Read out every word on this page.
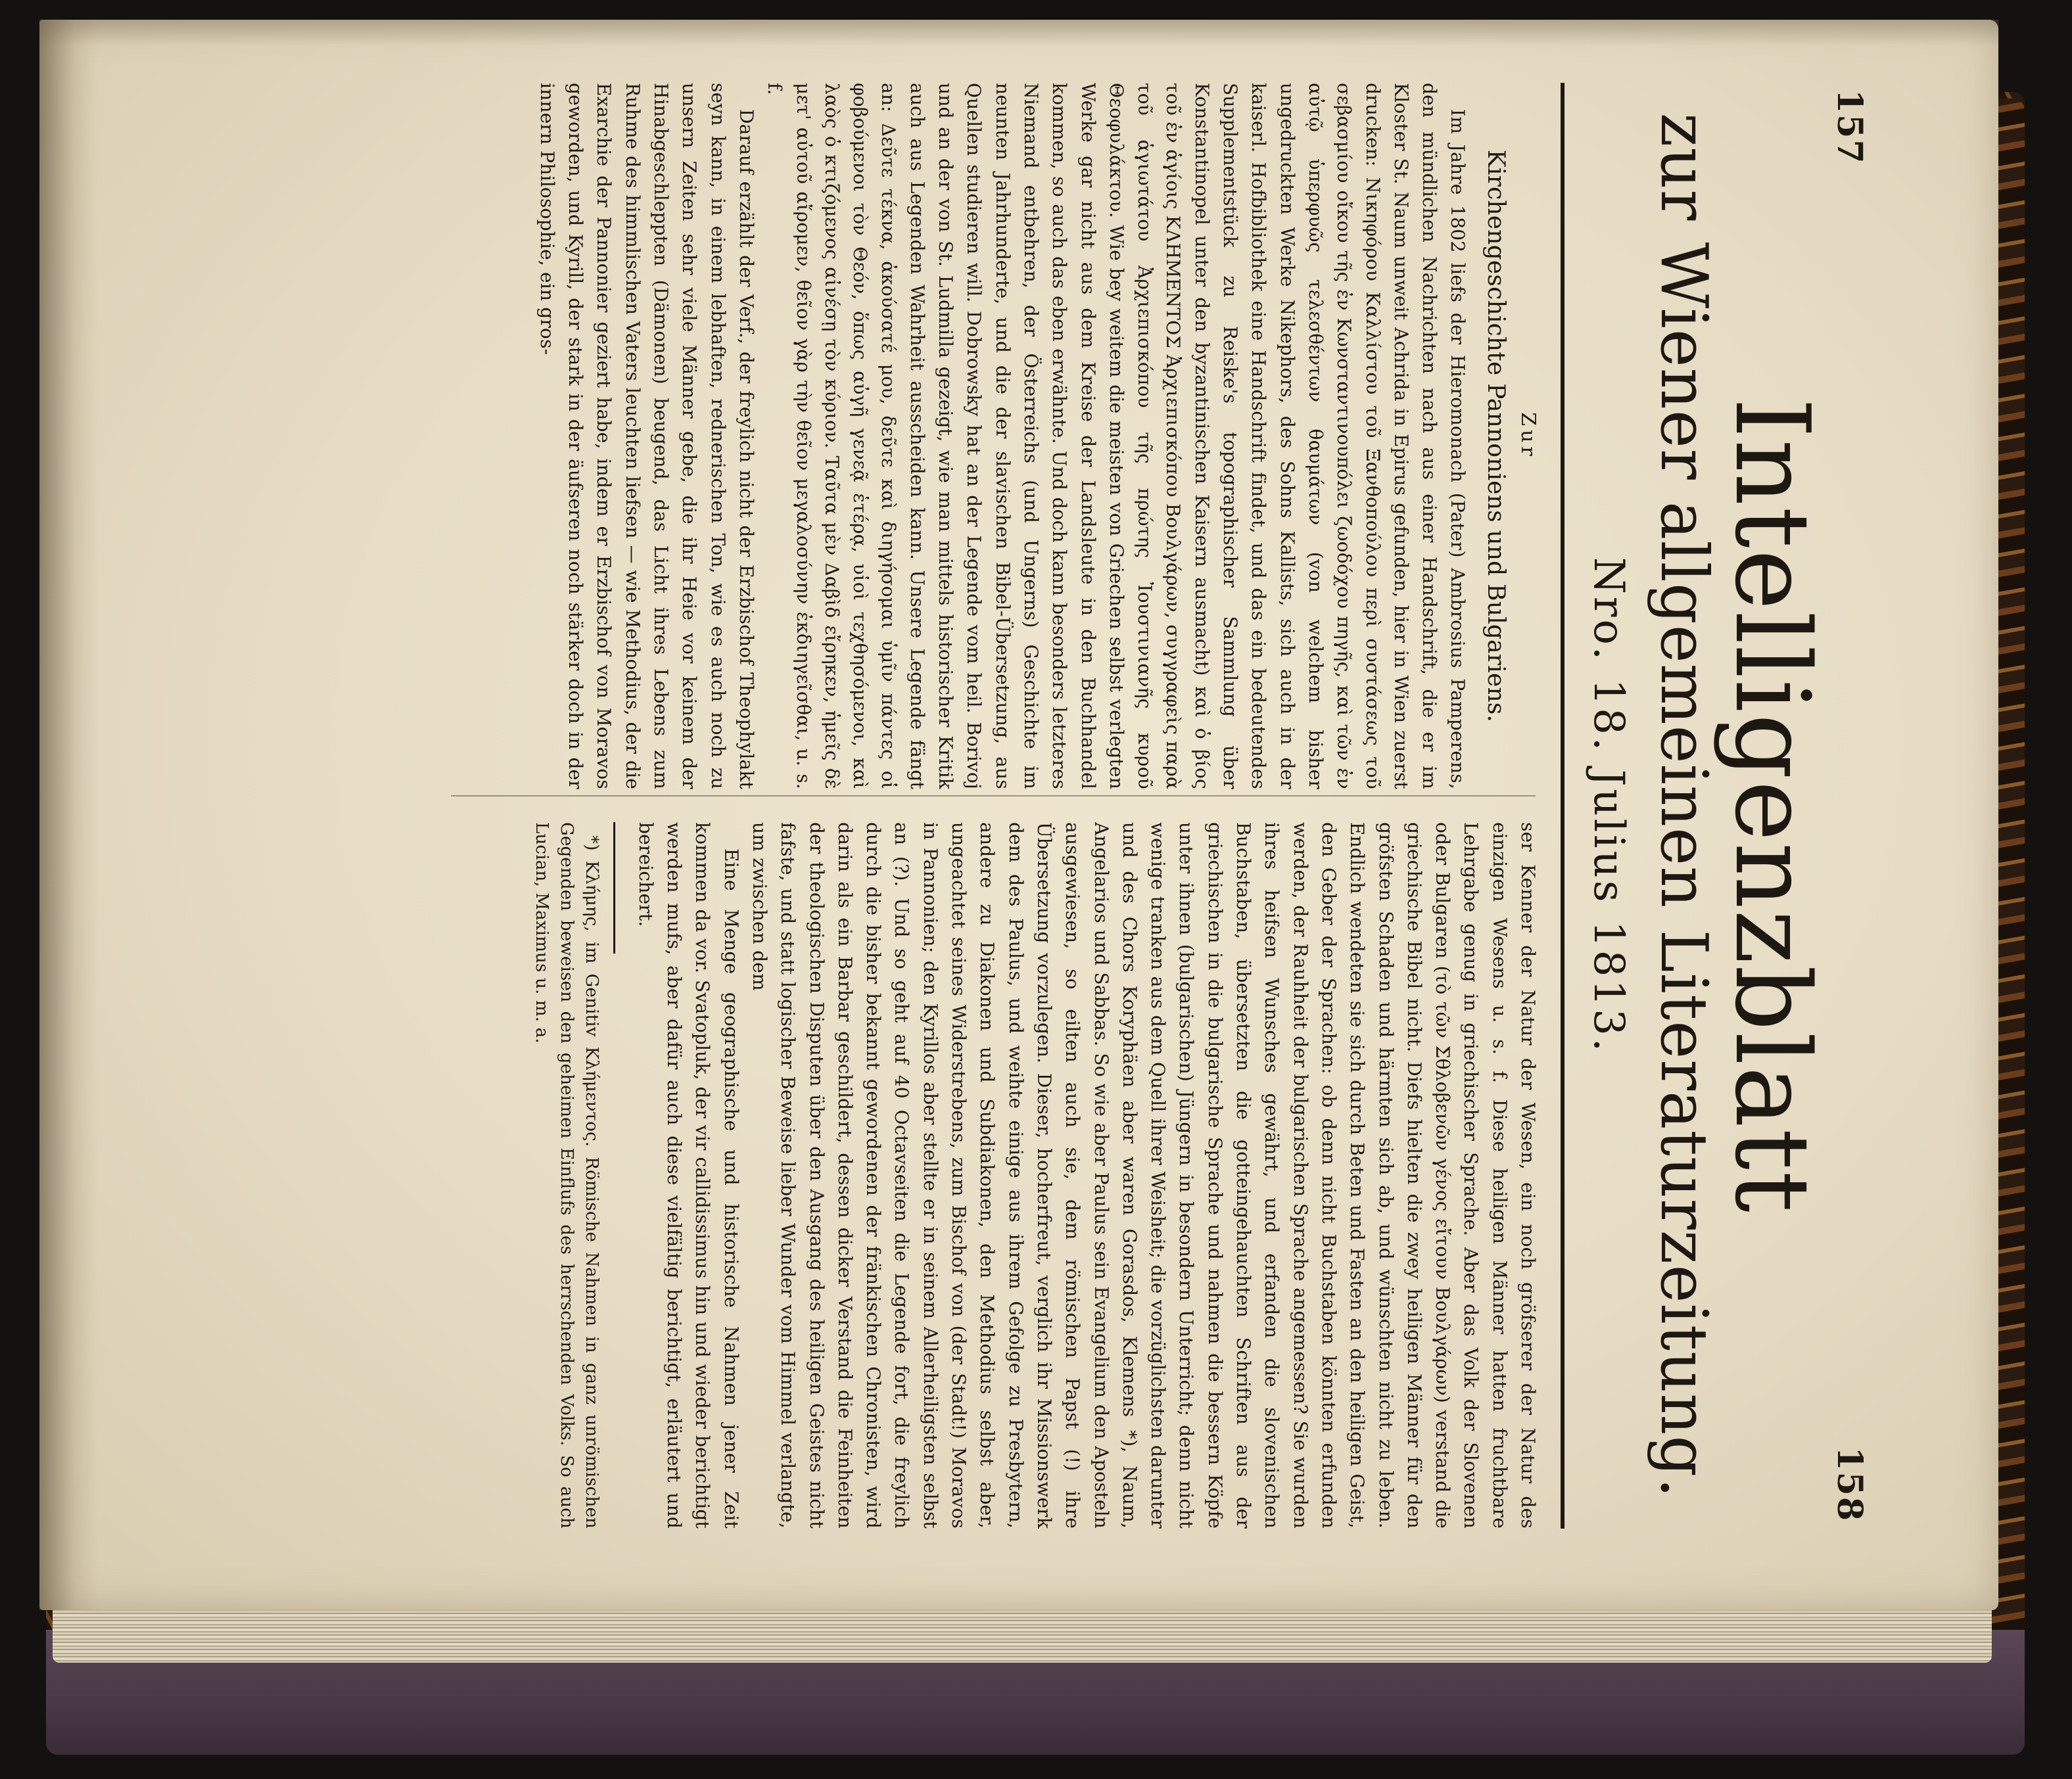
157
158
Intelligenzblatt
zur Wiener allgemeinen Literaturzeitung.
Nro. 18. Julius 1813.
Zur
Kirchengeschichte Pannoniens und Bulgariens.

Im Jahre 1802 liefs der Hieromonach (Pater) Ambrosius Pamperens, den mündlichen Nachrichten nach aus einer Handschrift, die er im Kloster St. Naum unweit Achrida in Epirus gefunden, hier in Wien zuerst drucken: Nικηφόρου Καλλίστου τοῦ Ξανθοπούλου περὶ συστάσεως τοῦ σεβασμίου οἴκου τῆς ἐν Κωνσταντινουπόλει ζωοδόχου πηγῆς, καὶ τῶν ἐν αὐτῷ ὑπερφυῶς τελεσθέντων θαυμάτων (von welchem bisher ungedruckten Werke Nikephors, des Sohns Kallists, sich auch in der kaiserl. Hofbibliothek eine Handschrift findet, und das ein bedeutendes Supplementstück zu Reiske's topographischer Sammlung über Konstantinopel unter den byzantinischen Kaisern ausmacht) καὶ ὁ βίος τοῦ ἐν ἁγίοις ΚΛΗΜΕΝΤΟΣ Ἀρχιεπισκόπου Βουλγάρων, συγγραφεὶς παρὰ τοῦ ἁγιωτάτου Ἀρχιεπισκόπου τῆς πρώτης Ἰουστινιανῆς κυροῦ Θεοφυλάκτου. Wie bey weitem die meisten von Griechen selbst verlegten Werke gar nicht aus dem Kreise der Landsleute in den Buchhandel kommen, so auch das eben erwähnte. Und doch kann besonders letzteres Niemand entbehren, der Österreichs (und Ungerns) Geschichte im neunten Jahrhunderte, und die der slavischen Bibel-Übersetzung, aus Quellen studieren will. Dobrowsky hat an der Legende vom heil. Borivoj und an der von St. Ludmilla gezeigt, wie man mittels historischer Kritik auch aus Legenden Wahrheit ausscheiden kann. Unsere Legende fängt an: Δεῦτε τέκνα, ἀκούσατέ μου, δεῦτε καὶ διηγήσομαι ὑμῖν πάντες οἱ φοβούμενοι τὸν Θεόν, ὅπως αὐγῆ γενεᾷ ἑτέρᾳ, υἱοὶ τεχθησόμενοι, καὶ λαὸς ὁ κτιζόμενος αἰνέσῃ τὸν κύριον. Ταῦτα μὲν Δαβὶδ εἴρηκεν, ἡμεῖς δὲ μετ' αὐτοῦ αἴρομεν, θεῖον γὰρ τὴν θεῖον μεγαλοσύνην ἐκδιηγεῖσθαι, u. s. f.

Darauf erzählt der Verf., der freylich nicht der Erzbischof Theophylakt seyn kann, in einem lebhaften, rednerischen Ton, wie es auch noch zu unsern Zeiten sehr viele Männer gebe, die ihr Heie vor keinem der Hinabgeschleppten (Dämonen) beugend, das Licht ihres Lebens zum Ruhme des himmlischen Vaters leuchten liefsen — wie Methodius, der die Exarchie der Pannonier geziert habe, indem er Erzbischof von Moravos geworden, und Kyrill, der stark in der äufseren noch stärker doch in der innern Philosophie, ein gros-

ser Kenner der Natur der Wesen, ein noch gröfserer der Natur des einzigen Wesens u. s. f. Diese heiligen Männer hatten fruchtbare Lehrgabe genug in griechischer Sprache. Aber das Volk der Slovenen oder Bulgaren (τὸ τῶν Σθλοβενῶν γένος εἴτουν Βουλγάρων) verstand die griechische Bibel nicht. Diefs hielten die zwey heiligen Männer für den gröfsten Schaden und härmten sich ab, und wünschten nicht zu leben. Endlich wendeten sie sich durch Beten und Fasten an den heiligen Geist, den Geber der Sprachen: ob denn nicht Buchstaben könnten erfunden werden, der Rauhheit der bulgarischen Sprache angemessen? Sie wurden ihres heifsen Wunsches gewährt, und erfanden die slovenischen Buchstaben, übersetzten die gotteingehauchten Schriften aus der griechischen in die bulgarische Sprache und nahmen die bessern Köpfe unter ihnen (bulgarischen) Jüngern in besondern Unterricht; denn nicht wenige tranken aus dem Quell ihrer Weisheit; die vorzüglichsten darunter und des Chors Koryphäen aber waren Gorasdos, Klemens *), Naum, Angelarios und Sabbas. So wie aber Paulus sein Evangelium den Aposteln ausgewiesen, so eilten auch sie, dem römischen Papst (!) ihre Übersetzung vorzulegen. Dieser, hocherfreut, verglich ihr Missionswerk dem des Paulus, und weihte einige aus ihrem Gefolge zu Presbytern, andere zu Diakonen und Subdiakonen, den Methodius selbst aber, ungeachtet seines Widerstrebens, zum Bischof von (der Stadt!) Moravos in Pannonien; den Kyrillos aber stellte er in seinem Allerheiligsten selbst an (?). Und so geht auf 40 Octavseiten die Legende fort, die freylich durch die bisher bekannt gewordenen der fränkischen Chronisten, wird darin als ein Barbar geschildert, dessen dicker Verstand die Feinheiten der theologischen Disputen über den Ausgang des heiligen Geistes nicht fafste, und statt logischer Beweise lieber Wunder vom Himmel verlangte, um zwischen dem

Eine Menge geographische und historische Nahmen jener Zeit kommen da vor. Svatopluk, der vir callidissimus hin und wieder berichtigt werden mufs, aber dafür auch diese vielfältig berichtigt, erläutert und bereichert.

*) Κλήμης, im Genitiv Κλήμεντος. Römische Nahmen in ganz unrömischen Gegenden beweisen den geheimen Einflufs des herrschenden Volks. So auch Lucian, Maximus u. m. a.
